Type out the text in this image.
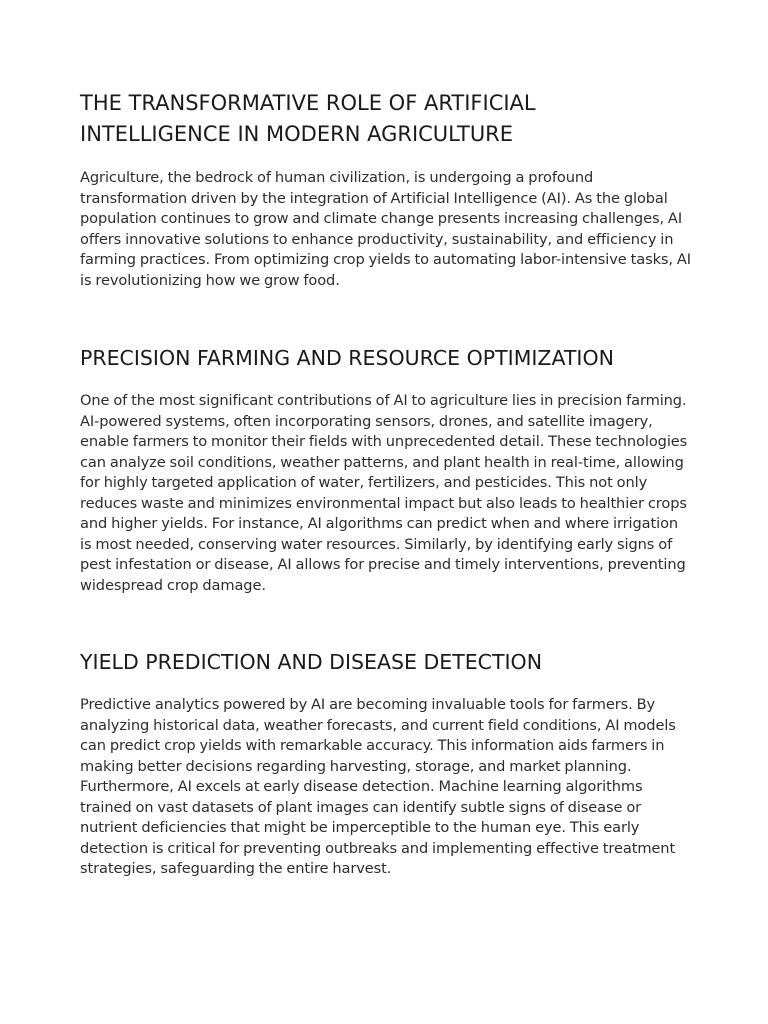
THE TRANSFORMATIVE ROLE OF ARTIFICIAL INTELLIGENCE IN MODERN AGRICULTURE

Agriculture, the bedrock of human civilization, is undergoing a profound transformation driven by the integration of Artificial Intelligence (AI). As the global population continues to grow and climate change presents increasing challenges, AI offers innovative solutions to enhance productivity, sustainability, and efficiency in farming practices. From optimizing crop yields to automating labor-intensive tasks, AI is revolutionizing how we grow food.

PRECISION FARMING AND RESOURCE OPTIMIZATION

One of the most significant contributions of AI to agriculture lies in precision farming. AI-powered systems, often incorporating sensors, drones, and satellite imagery, enable farmers to monitor their fields with unprecedented detail. These technologies can analyze soil conditions, weather patterns, and plant health in real-time, allowing for highly targeted application of water, fertilizers, and pesticides. This not only reduces waste and minimizes environmental impact but also leads to healthier crops and higher yields. For instance, AI algorithms can predict when and where irrigation is most needed, conserving water resources. Similarly, by identifying early signs of pest infestation or disease, AI allows for precise and timely interventions, preventing widespread crop damage.

YIELD PREDICTION AND DISEASE DETECTION

Predictive analytics powered by AI are becoming invaluable tools for farmers. By analyzing historical data, weather forecasts, and current field conditions, AI models can predict crop yields with remarkable accuracy. This information aids farmers in making better decisions regarding harvesting, storage, and market planning. Furthermore, AI excels at early disease detection. Machine learning algorithms trained on vast datasets of plant images can identify subtle signs of disease or nutrient deficiencies that might be imperceptible to the human eye. This early detection is critical for preventing outbreaks and implementing effective treatment strategies, safeguarding the entire harvest.
